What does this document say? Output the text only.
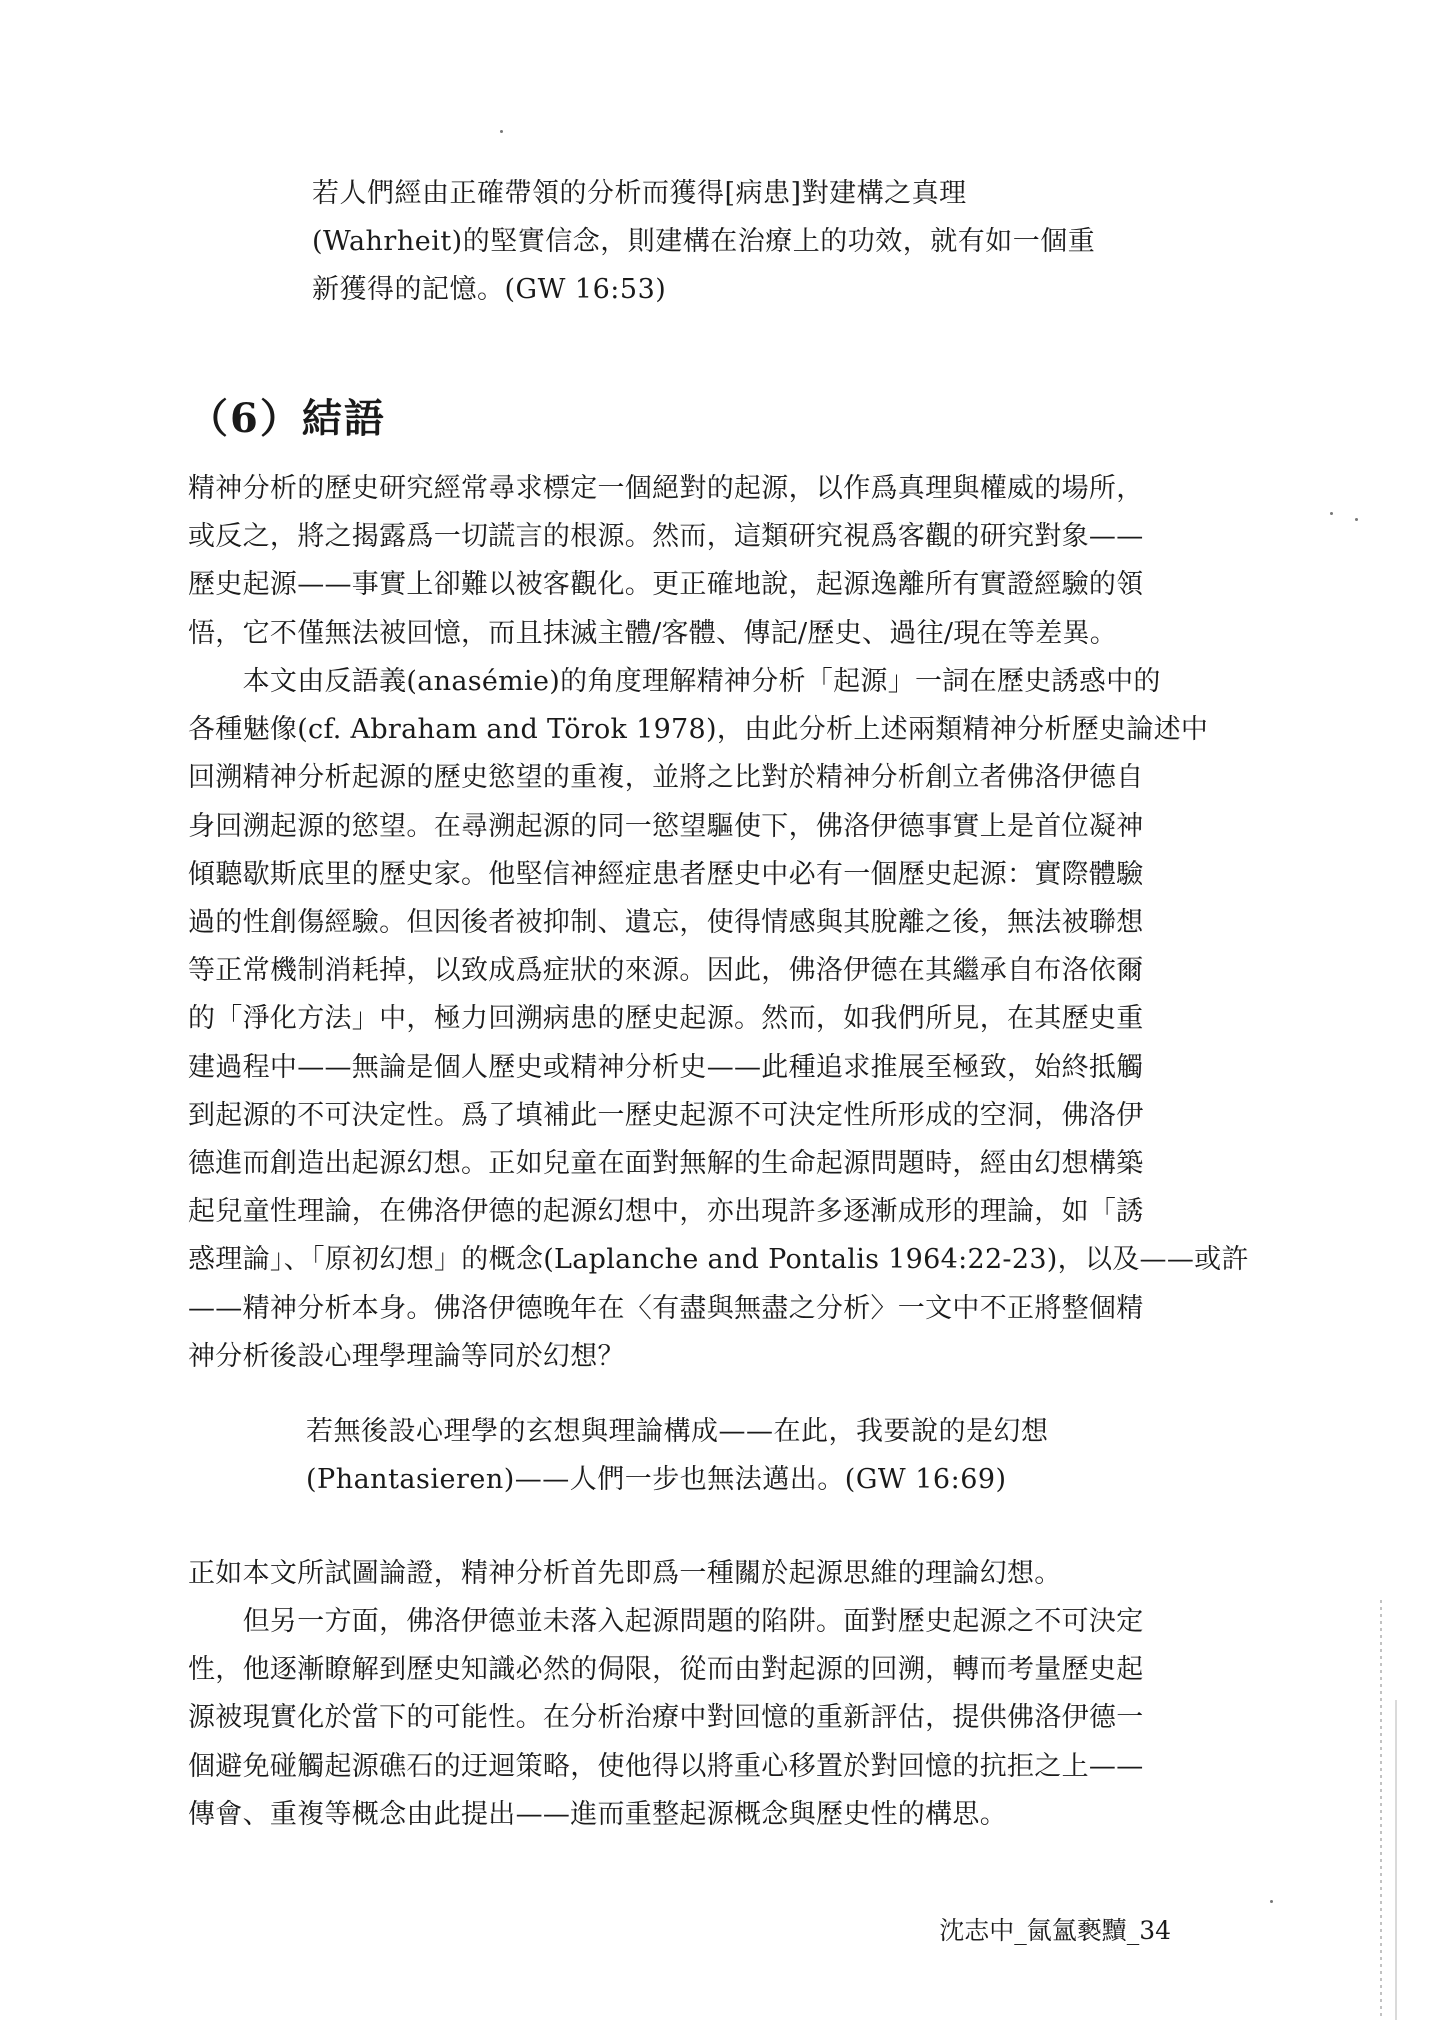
若人們經由正確帶領的分析而獲得[病患]對建構之真理

(Wahrheit)的堅實信念，則建構在治療上的功效，就有如一個重

新獲得的記憶。(GW 16:53)

（6）結語

精神分析的歷史研究經常尋求標定一個絕對的起源，以作爲真理與權威的場所，

或反之，將之揭露爲一切謊言的根源。然而，這類研究視爲客觀的研究對象——

歷史起源——事實上卻難以被客觀化。更正確地說，起源逸離所有實證經驗的領

悟，它不僅無法被回憶，而且抹滅主體/客體、傳記/歷史、過往/現在等差異。

　　本文由反語義(anasémie)的角度理解精神分析「起源」一詞在歷史誘惑中的

各種魅像(cf. Abraham and Törok 1978)，由此分析上述兩類精神分析歷史論述中

回溯精神分析起源的歷史慾望的重複，並將之比對於精神分析創立者佛洛伊德自

身回溯起源的慾望。在尋溯起源的同一慾望驅使下，佛洛伊德事實上是首位凝神

傾聽歇斯底里的歷史家。他堅信神經症患者歷史中必有一個歷史起源：實際體驗

過的性創傷經驗。但因後者被抑制、遺忘，使得情感與其脫離之後，無法被聯想

等正常機制消耗掉，以致成爲症狀的來源。因此，佛洛伊德在其繼承自布洛依爾

的「淨化方法」中，極力回溯病患的歷史起源。然而，如我們所見，在其歷史重

建過程中——無論是個人歷史或精神分析史——此種追求推展至極致，始終抵觸

到起源的不可決定性。爲了填補此一歷史起源不可決定性所形成的空洞，佛洛伊

德進而創造出起源幻想。正如兒童在面對無解的生命起源問題時，經由幻想構築

起兒童性理論，在佛洛伊德的起源幻想中，亦出現許多逐漸成形的理論，如「誘

惑理論」、「原初幻想」的概念(Laplanche and Pontalis 1964:22-23)，以及——或許

——精神分析本身。佛洛伊德晚年在〈有盡與無盡之分析〉一文中不正將整個精

神分析後設心理學理論等同於幻想？

若無後設心理學的玄想與理論構成——在此，我要說的是幻想

(Phantasieren)——人們一步也無法邁出。(GW 16:69)

正如本文所試圖論證，精神分析首先即爲一種關於起源思維的理論幻想。

　　但另一方面，佛洛伊德並未落入起源問題的陷阱。面對歷史起源之不可決定

性，他逐漸瞭解到歷史知識必然的侷限，從而由對起源的回溯，轉而考量歷史起

源被現實化於當下的可能性。在分析治療中對回憶的重新評估，提供佛洛伊德一

個避免碰觸起源礁石的迂迴策略，使他得以將重心移置於對回憶的抗拒之上——

傳會、重複等概念由此提出——進而重整起源概念與歷史性的構思。

沈志中_氤氳褻黷_34
